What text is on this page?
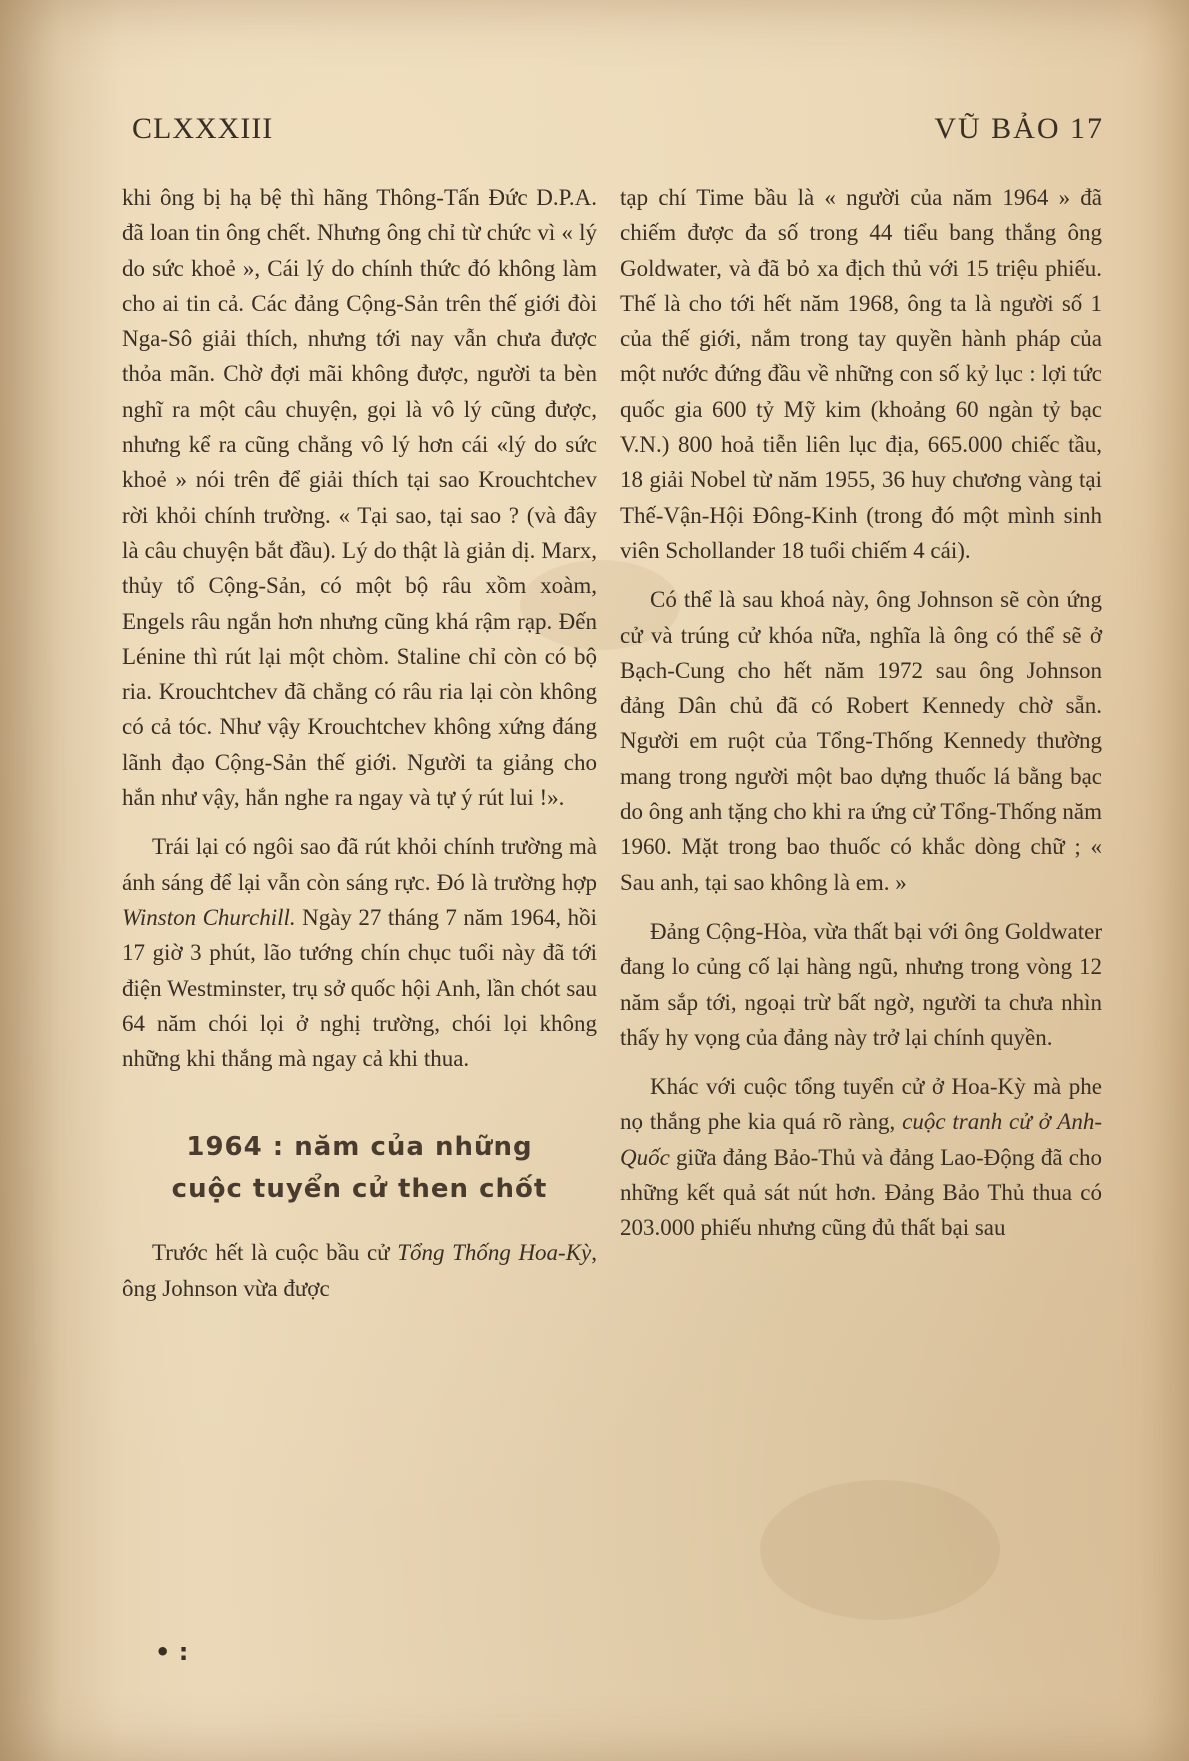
CLXXXIII	VŨ BẢO 17

khi ông bị hạ bệ thì hãng Thông-Tấn Đức D.P.A. đã loan tin ông chết. Nhưng ông chỉ từ chức vì « lý do sức khoẻ », Cái lý do chính thức đó không làm cho ai tin cả. Các đảng Cộng-Sản trên thế giới đòi Nga-Sô giải thích, nhưng tới nay vẫn chưa được thỏa mãn. Chờ đợi mãi không được, người ta bèn nghĩ ra một câu chuyện, gọi là vô lý cũng được, nhưng kể ra cũng chẳng vô lý hơn cái «lý do sức khoẻ » nói trên để giải thích tại sao Krouchtchev rời khỏi chính trường. « Tại sao, tại sao ? (và đây là câu chuyện bắt đầu). Lý do thật là giản dị. Marx, thủy tổ Cộng-Sản, có một bộ râu xồm xoàm, Engels râu ngắn hơn nhưng cũng khá rậm rạp. Đến Lénine thì rút lại một chòm. Staline chỉ còn có bộ ria. Krouchtchev đã chẳng có râu ria lại còn không có cả tóc. Như vậy Krouchtchev không xứng đáng lãnh đạo Cộng-Sản thế giới. Người ta giảng cho hắn như vậy, hắn nghe ra ngay và tự ý rút lui !».

Trái lại có ngôi sao đã rút khỏi chính trường mà ánh sáng để lại vẫn còn sáng rực. Đó là trường hợp Winston Churchill. Ngày 27 tháng 7 năm 1964, hồi 17 giờ 3 phút, lão tướng chín chục tuổi này đã tới điện Westminster, trụ sở quốc hội Anh, lần chót sau 64 năm chói lọi ở nghị trường, chói lọi không những khi thắng mà ngay cả khi thua.

1964 : năm của những
cuộc tuyển cử then chốt

Trước hết là cuộc bầu cử Tổng Thống Hoa-Kỳ, ông Johnson vừa được

tạp chí Time bầu là « người của năm 1964 » đã chiếm được đa số trong 44 tiểu bang thắng ông Goldwater, và đã bỏ xa địch thủ với 15 triệu phiếu. Thế là cho tới hết năm 1968, ông ta là người số 1 của thế giới, nắm trong tay quyền hành pháp của một nước đứng đầu về những con số kỷ lục : lợi tức quốc gia 600 tỷ Mỹ kim (khoảng 60 ngàn tỷ bạc V.N.) 800 hoả tiễn liên lục địa, 665.000 chiếc tầu, 18 giải Nobel từ năm 1955, 36 huy chương vàng tại Thế-Vận-Hội Đông-Kinh (trong đó một mình sinh viên Schollander 18 tuổi chiếm 4 cái).

Có thể là sau khoá này, ông Johnson sẽ còn ứng cử và trúng cử khóa nữa, nghĩa là ông có thể sẽ ở Bạch-Cung cho hết năm 1972 sau ông Johnson đảng Dân chủ đã có Robert Kennedy chờ sẵn. Người em ruột của Tổng-Thống Kennedy thường mang trong người một bao dựng thuốc lá bằng bạc do ông anh tặng cho khi ra ứng cử Tổng-Thống năm 1960. Mặt trong bao thuốc có khắc dòng chữ ; « Sau anh, tại sao không là em. »

Đảng Cộng-Hòa, vừa thất bại với ông Goldwater đang lo củng cố lại hàng ngũ, nhưng trong vòng 12 năm sắp tới, ngoại trừ bất ngờ, người ta chưa nhìn thấy hy vọng của đảng này trở lại chính quyền.

Khác với cuộc tổng tuyển cử ở Hoa-Kỳ mà phe nọ thắng phe kia quá rõ ràng, cuộc tranh cử ở Anh-Quốc giữa đảng Bảo-Thủ và đảng Lao-Động đã cho những kết quả sát nút hơn. Đảng Bảo Thủ thua có 203.000 phiếu nhưng cũng đủ thất bại sau

• :
